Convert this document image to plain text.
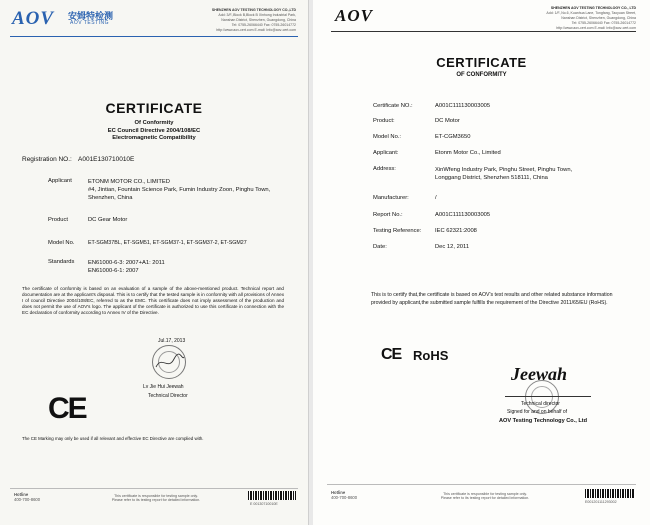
AOV 安姆特检测
AOV TESTING
SHENZHEN AOV TESTING TECHNOLOGY CO.,LTD
Add: 3/F.,Block B,Block B Xinhong Industrial Park,
Nanshan District, Shenzhen, Guangdong, China
Tel: 0755-26066440 Fax: 0755-26014772
http://www.aov-cert.com E-mail: Info@aov-cert.com
CERTIFICATE
Of Conformity
EC Council Directive 2004/108/EC
Electromagnetic Compatibility
Registration NO.: A001E130710010E
Applicant	ETONM MOTOR CO., LIMITED
#4, Jintian, Fountain Science Park, Fumin Industry Zoon, Pinghu Town,
Shenzhen, China
Product	DC Gear Motor
Model No.	ET-SGM37BL, ET-SGM51, ET-SGM37-1, ET-SGM37-2, ET-SGM27
Standards	EN61000-6-3: 2007+A1: 2011
EN61000-6-1: 2007
The certificate of conformity is based on an evaluation of a sample of the above-mentioned product. Technical report and documentation are at the applicant's disposal. This is to certify that the tested sample is in conformity with all provisions of Annex I of council Directive 2004/108/EC, referred to as the EMC. This certificate does not imply assessment of the production and does not permit the use of AOV's logo. The applicant of the certificate is authorized to use this certificate in connection with the EC declaration of conformity according to Annex IV of the Directive.
Jul.17, 2013
Lv Jie Hui Jeewah
Technical Director
CE
The CE Marking may only be used if all relevant and effective EC Directive are complied with.
Hotline
400-700-8600
This certificate is responsible for testing sample only.
Please refer to its testing report for detailed information.
E 00130710010E
AOV	SHENZHEN AOV TESTING TECHNOLOGY CO., LTD
Add: 1/F.,No.6, Kuanhua Lane, Tongfang, Taoyuan Street,
Nanshan District, Shenzhen, Guangdong, China
Tel: 0755-26066440 Fax: 0755-26014772
http://www.aov-cert.com E-mail: Info@aov-cert.com
CERTIFICATE
OF CONFORMITY
Certificate NO.:	A001C111130003005
Product:	DC Motor
Model No.:	ET-CGM3650
Applicant:	Etonm Motor Co., Limited
Address:	XinWfeng Industry Park, Pinghu Street, Pinghu Town, Longgang District, Shenzhen 518111, China
Manufacturer:	/
Report No.:	A001C111130003005
Testing Reference:	IEC 62321:2008
Date:	Dec 12, 2011
This is to certify that,the certificate is based on AOV's test results and other related substance information provided by applicant,the submitted sample fulfills the requirement of the Directive 2011/65/EU (RoHS).
CE RoHS
Jeewah
Technical director
Signed for and on behalf of
AOV Testing Technology Co., Ltd
Hotline
400-700-8600
This certificate is responsible for testing sample only.
Please refer to its testing report for detailed information.
E001201111293002
